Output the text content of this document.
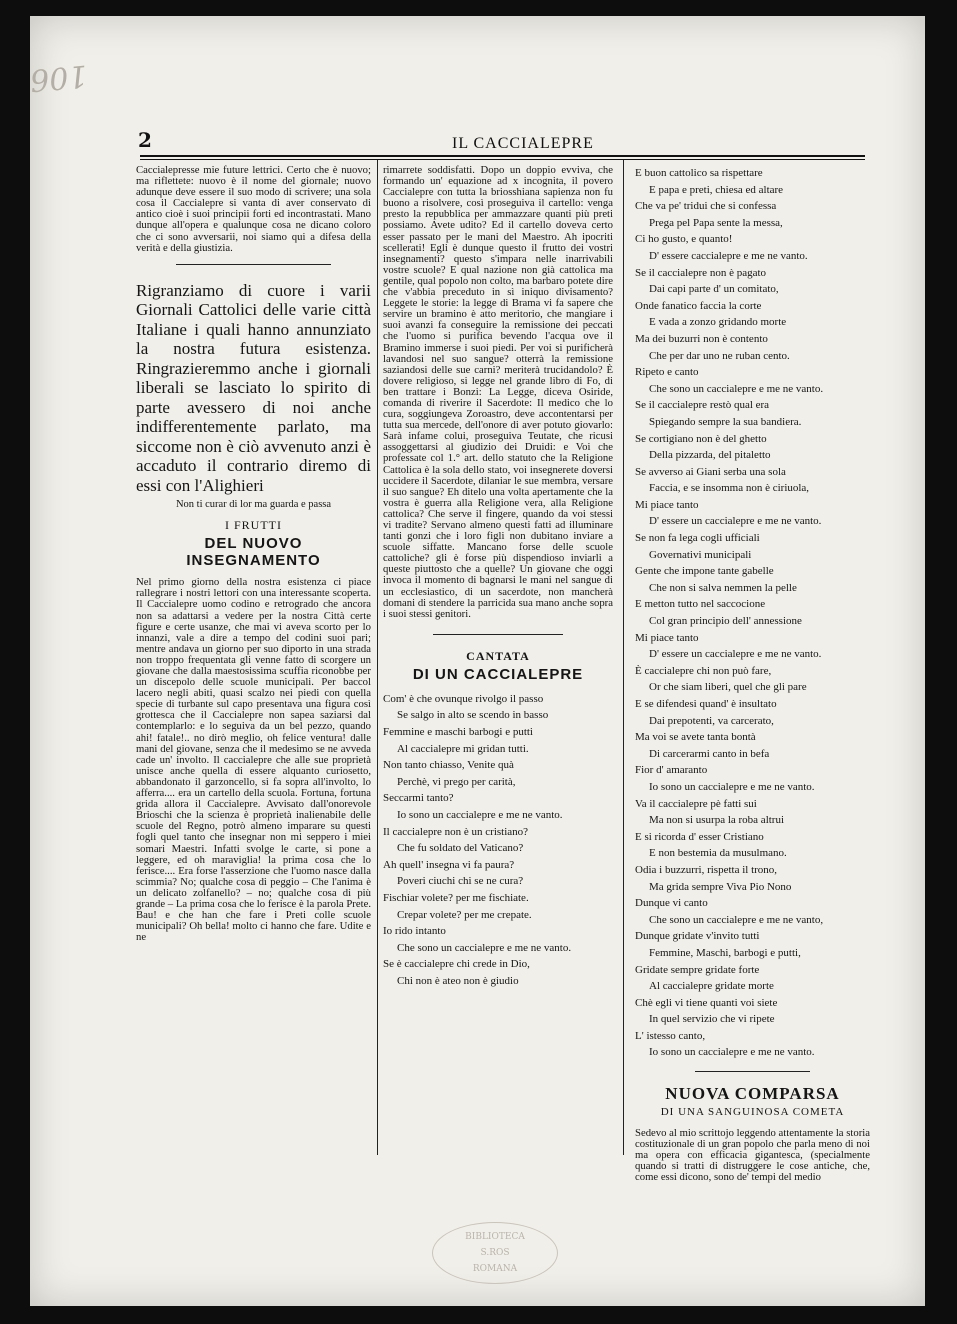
106
2	IL CACCIALEPRE

Caccialepresse mie future lettrici. Certo che è nuovo; ma riflettete: nuovo è il nome del giornale; nuovo adunque deve essere il suo modo di scrivere; una sola cosa il Caccialepre si vanta di aver conservato di antico cioè i suoi principii forti ed incontrastati. Mano dunque all'opera e qualunque cosa ne dicano coloro che ci sono avversarii, noi siamo qui a difesa della verità e della giustizia.

Rigranziamo di cuore i varii Giornali Cattolici delle varie città Italiane i quali hanno annunziato la nostra futura esistenza. Ringrazieremmo anche i giornali liberali se lasciato lo spirito di parte avessero di noi anche indifferentemente parlato, ma siccome non è ciò avvenuto anzi è accaduto il contrario diremo di essi con l'Alighieri

Non ti curar di lor ma guarda e passa

I FRUTTI

DEL NUOVO INSEGNAMENTO

Nel primo giorno della nostra esistenza ci piace rallegrare i nostri lettori con una interessante scoperta. Il Caccialepre uomo codino e retrogrado che ancora non sa adattarsi a vedere per la nostra Città certe figure e certe usanze, che mai vi aveva scorto per lo innanzi, vale a dire a tempo del codini suoi pari; mentre andava un giorno per suo diporto in una strada non troppo frequentata gli venne fatto di scorgere un giovane che dalla maestosissima scuffia riconobbe per un discepolo delle scuole municipali. Per baccol lacero negli abiti, quasi scalzo nei piedi con quella specie di turbante sul capo presentava una figura così grottesca che il Caccialepre non sapea saziarsi dal contemplarlo: e lo seguiva da un bel pezzo, quando ahi! fatale!.. no dirò meglio, oh felice ventura! dalle mani del giovane, senza che il medesimo se ne avveda cade un' involto. Il caccialepre che alle sue proprietà unisce anche quella di essere alquanto curiosetto, abbandonato il garzoncello, si fa sopra all'involto, lo afferra.... era un cartello della scuola. Fortuna, fortuna grida allora il Caccialepre. Avvisato dall'onorevole Brioschi che la scienza è proprietà inalienabile delle scuole del Regno, potrò almeno imparare su questi fogli quel tanto che insegnar non mi seppero i miei somari Maestri. Infatti svolge le carte, si pone a leggere, ed oh maraviglia! la prima cosa che lo ferisce.... Era forse l'asserzione che l'uomo nasce dalla scimmia? No; qualche cosa di peggio – Che l'anima è un delicato zolfanello? – no; qualche cosa di più grande – La prima cosa che lo ferisce è la parola Prete. Bau! e che han che fare i Preti colle scuole municipali? Oh bella! molto ci hanno che fare. Udite e ne

rimarrete soddisfatti. Dopo un doppio evviva, che formando un' equazione ad x incognita, il povero Caccialepre con tutta la briosshiana sapienza non fu buono a risolvere, così proseguiva il cartello: venga presto la repubblica per ammazzare quanti più preti possiamo. Avete udito? Ed il cartello doveva certo esser passato per le mani del Maestro. Ah ipocriti scellerati! Egli è dunque questo il frutto dei vostri insegnamenti? questo s'impara nelle inarrivabili vostre scuole? E qual nazione non già cattolica ma gentile, qual popolo non colto, ma barbaro potete dire che v'abbia preceduto in sì iniquo divisamento? Leggete le storie: la legge di Brama vi fa sapere che servire un bramino è atto meritorio, che mangiare i suoi avanzi fa conseguire la remissione dei peccati che l'uomo si purifica bevendo l'acqua ove il Bramino immerse i suoi piedi. Per voi si purificherà lavandosi nel suo sangue? otterrà la remissione saziandosi delle sue carni? meriterà trucidandolo? È dovere religioso, si legge nel grande libro di Fo, di ben trattare i Bonzi: La Legge, diceva Osiride, comanda di riverire il Sacerdote: Il medico che lo cura, soggiungeva Zoroastro, deve accontentarsi per tutta sua mercede, dell'onore di aver potuto giovarlo: Sarà infame colui, proseguiva Teutate, che ricusi assoggettarsi al giudizio dei Druidi: e Voi che professate col 1.° art. dello statuto che la Religione Cattolica è la sola dello stato, voi insegnerete doversi uccidere il Sacerdote, dilaniar le sue membra, versare il suo sangue? Eh ditelo una volta apertamente che la vostra è guerra alla Religione vera, alla Religione cattolica? Che serve il fingere, quando da voi stessi vi tradite? Servano almeno questi fatti ad illuminare tanti gonzi che i loro figli non dubitano inviare a scuole siffatte. Mancano forse delle scuole cattoliche? gli è forse più dispendioso inviarli a queste piuttosto che a quelle? Un giovane che oggi invoca il momento di bagnarsi le mani nel sangue di un ecclesiastico, di un sacerdote, non mancherà domani di stendere la parricida sua mano anche sopra i suoi stessi genitori.

CANTATA

DI UN CACCIALEPRE

Com' è che ovunque rivolgo il passo
Se salgo in alto se scendo in basso
Femmine e maschi barbogi e putti
Al caccialepre mi gridan tutti.
Non tanto chiasso, Venite quà
Perchè, vi prego per carità,
Seccarmi tanto?
Io sono un caccialepre e me ne vanto.
Il caccialepre non è un cristiano?
Che fu soldato del Vaticano?
Ah quell' insegna vi fa paura?
Poveri ciuchi chi se ne cura?
Fischiar volete? per me fischiate.
Crepar volete? per me crepate.
Io rido intanto
Che sono un caccialepre e me ne vanto.
Se è caccialepre chi crede in Dio,
Chi non è ateo non è giudio
E buon cattolico sa rispettare
E papa e preti, chiesa ed altare
Che va pe' tridui che si confessa
Prega pel Papa sente la messa,
Ci ho gusto, e quanto!
D' essere caccialepre e me ne vanto.
Se il caccialepre non è pagato
Dai capi parte d' un comitato,
Onde fanatico faccia la corte
E vada a zonzo gridando morte
Ma dei buzurri non è contento
Che per dar uno ne ruban cento.
Ripeto e canto
Che sono un caccialepre e me ne vanto.
Se il caccialepre restò qual era
Spiegando sempre la sua bandiera.
Se cortigiano non è del ghetto
Della pizzarda, del pitaletto
Se avverso ai Giani serba una sola
Faccia, e se insomma non è ciriuola,
Mi piace tanto
D' essere un caccialepre e me ne vanto.
Se non fa lega cogli ufficiali
Governativi municipali
Gente che impone tante gabelle
Che non si salva nemmen la pelle
E metton tutto nel saccocione
Col gran principio dell' annessione
Mi piace tanto
D' essere un caccialepre e me ne vanto.
È caccialepre chi non può fare,
Or che siam liberi, quel che gli pare
E se difendesi quand' è insultato
Dai prepotenti, va carcerato,
Ma voi se avete tanta bontà
Di carcerarmi canto in befa
Fior d' amaranto
Io sono un caccialepre e me ne vanto.
Va il caccialepre pè fatti sui
Ma non si usurpa la roba altrui
E si ricorda d' esser Cristiano
E non bestemia da musulmano.
Odia i buzzurri, rispetta il trono,
Ma grida sempre Viva Pio Nono
Dunque vi canto
Che sono un caccialepre e me ne vanto,
Dunque gridate v'invito tutti
Femmine, Maschi, barbogi e putti,
Gridate sempre gridate forte
Al caccialepre gridate morte
Chè egli vi tiene quanti voi siete
In quel servizio che vi ripete
L' istesso canto,
Io sono un caccialepre e me ne vanto.

NUOVA COMPARSA

DI UNA SANGUINOSA COMETA

Sedevo al mio scrittojo leggendo attentamente la storia costituzionale di un gran popolo che parla meno di noi ma opera con efficacia gigantesca, (specialmente quando si tratti di distruggere le cose antiche, che, come essi dicono, sono de' tempi del medio

BIBLIOTECA
S.ROS
ROMANA
